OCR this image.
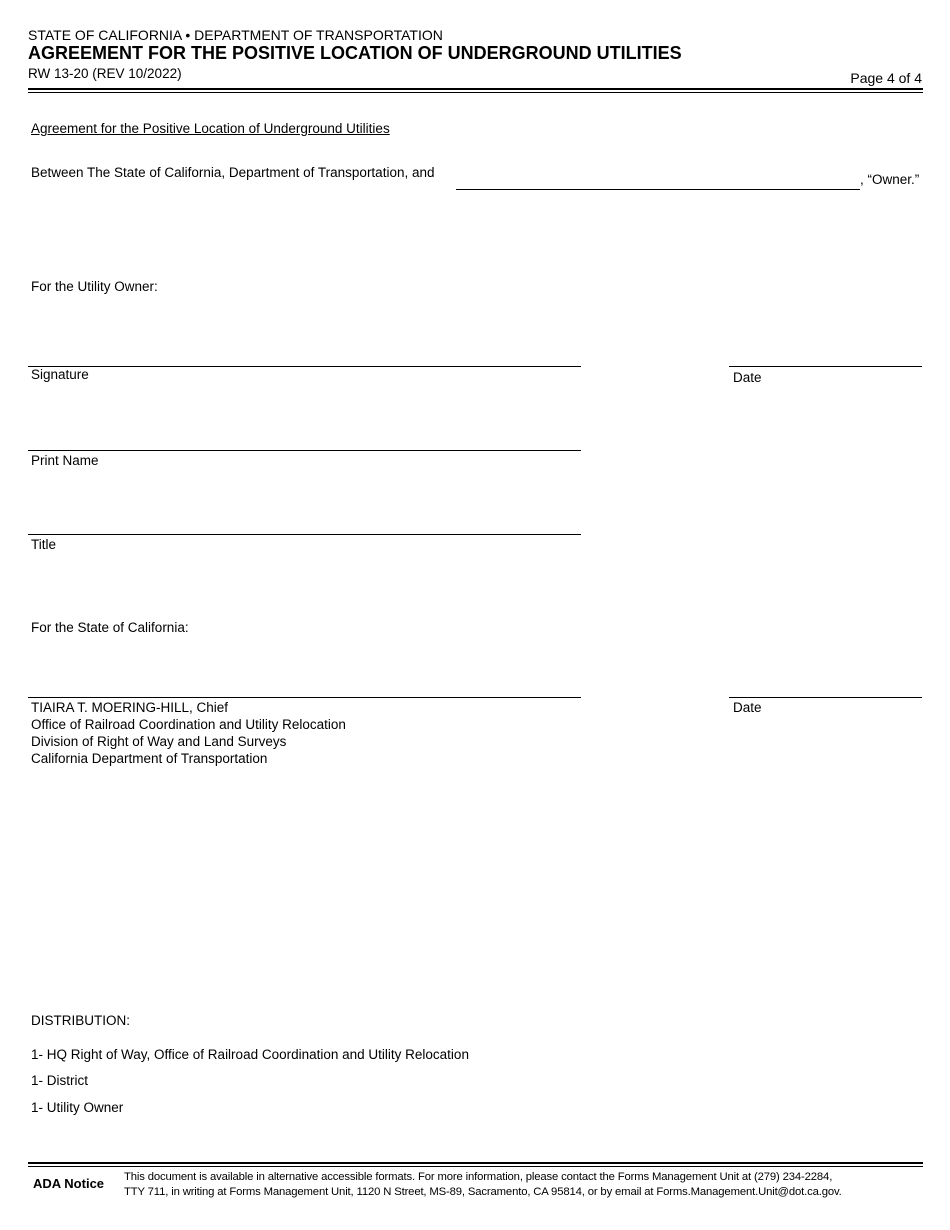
STATE OF CALIFORNIA • DEPARTMENT OF TRANSPORTATION
AGREEMENT FOR THE POSITIVE LOCATION OF UNDERGROUND UTILITIES
RW 13-20 (REV 10/2022)	Page 4 of 4
Agreement for the Positive Location of Underground Utilities
Between The State of California, Department of Transportation, and	, “Owner.”
For the Utility Owner:
Signature	Date
Print Name
Title
For the State of California:
Date
TIAIRA T. MOERING-HILL, Chief
Office of Railroad Coordination and Utility Relocation
Division of Right of Way and Land Surveys
California Department of Transportation
DISTRIBUTION:
1- HQ Right of Way, Office of Railroad Coordination and Utility Relocation
1- District
1- Utility Owner
ADA Notice This document is available in alternative accessible formats. For more information, please contact the Forms Management Unit at (279) 234-2284,
TTY 711, in writing at Forms Management Unit, 1120 N Street, MS-89, Sacramento, CA 95814, or by email at Forms.Management.Unit@dot.ca.gov.
